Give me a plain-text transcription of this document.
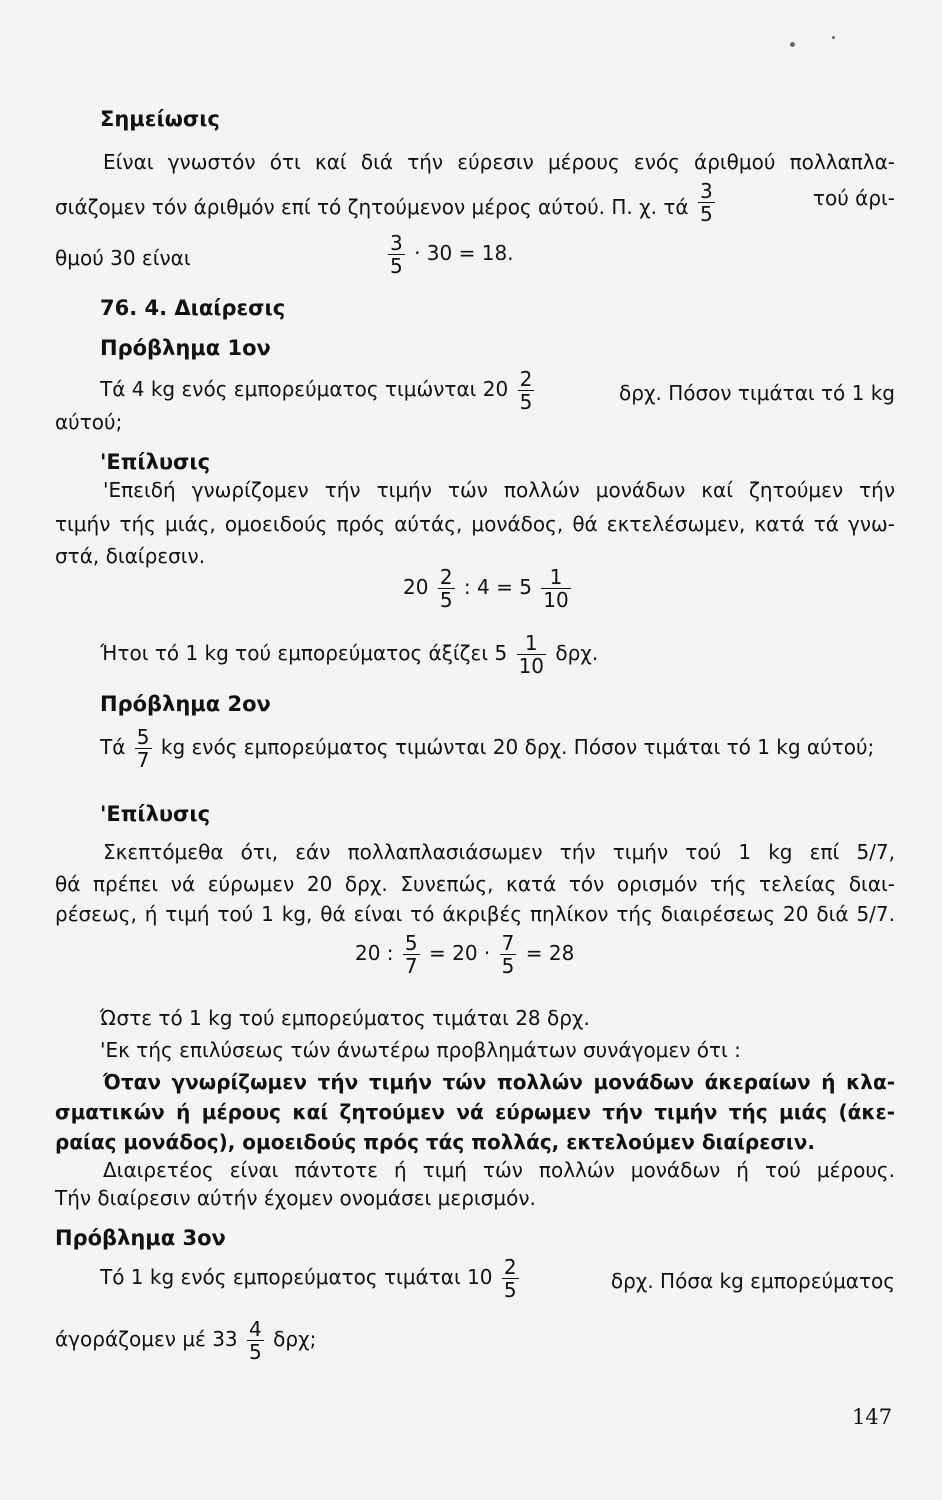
Σημείωσις
Είναι γνωστόν ότι καί διά τήν εύρεσιν μέρους ενός άριθμού πολλαπλα-
σιάζομεν τόν άριθμόν επί τό ζητούμενον μέρος αύτού. Π. χ. τά $\frac{3}{5}$	τού άρι-
θμού 30 είναι	$\frac{3}{5} \cdot 30 = 18$.
76. 4. Διαίρεσις
Πρόβλημα 1ον
Τά 4 kg ενός εμπορεύματος τιμώνται $20 \frac{2}{5}$	δρχ. Πόσον τιμάται τό 1 kg
αύτού;
'Επίλυσις
'Επειδή γνωρίζομεν τήν τιμήν τών πολλών μονάδων καί ζητούμεν τήν
τιμήν τής μιάς, ομοειδούς πρός αύτάς, μονάδος, θά εκτελέσωμεν, κατά τά γνω-
στά, διαίρεσιν.
$20 \frac{2}{5}$ : $4 = 5 \frac{1}{10}$
Ήτοι τό 1 kg τού εμπορεύματος άξίζει $5 \frac{1}{10} \delta\rho\chi$.
Πρόβλημα 2ον
Τά $\frac{5}{7}$ kg ενός εμπορεύματος τιμώνται 20 δρχ. Πόσον τιμάται τό 1 kg αύτού;
'Επίλυσις
Σκεπτόμεθα ότι, εάν πολλαπλασιάσωμεν τήν τιμήν τού 1 kg επί 5/7,
θά πρέπει νά εύρωμεν 20 δρχ. Συνεπώς, κατά τόν ορισμόν τής τελείας διαι-
ρέσεως, ή τιμή τού 1 kg, θά είναι τό άκριβές πηλίκον τής διαιρέσεως 20 διά 5/7.
20 : $\frac{5}{7} = 20 \cdot \frac{7}{5} = 28$
Ώστε τό 1 kg τού εμπορεύματος τιμάται 28 δρχ.
'Εκ τής επιλύσεως τών άνωτέρω προβλημάτων συνάγομεν ότι :
Όταν γνωρίζωμεν τήν τιμήν τών πολλών μονάδων άκεραίων ή κλα-
σματικών ή μέρους καί ζητούμεν νά εύρωμεν τήν τιμήν τής μιάς (άκε-
ραίας μονάδος), ομοειδούς πρός τάς πολλάς, εκτελούμεν διαίρεσιν.
Διαιρετέος είναι πάντοτε ή τιμή τών πολλών μονάδων ή τού μέρους.
Τήν διαίρεσιν αύτήν έχομεν ονομάσει μερισμόν.
Πρόβλημα 3ον
Τό 1 kg ενός εμπορεύματος τιμάται $10 \frac{2}{5}$	δρχ. Πόσα kg εμπορεύματος
άγοράζομεν μέ $33 \frac{4}{5} \delta\rho\chi$;
147
